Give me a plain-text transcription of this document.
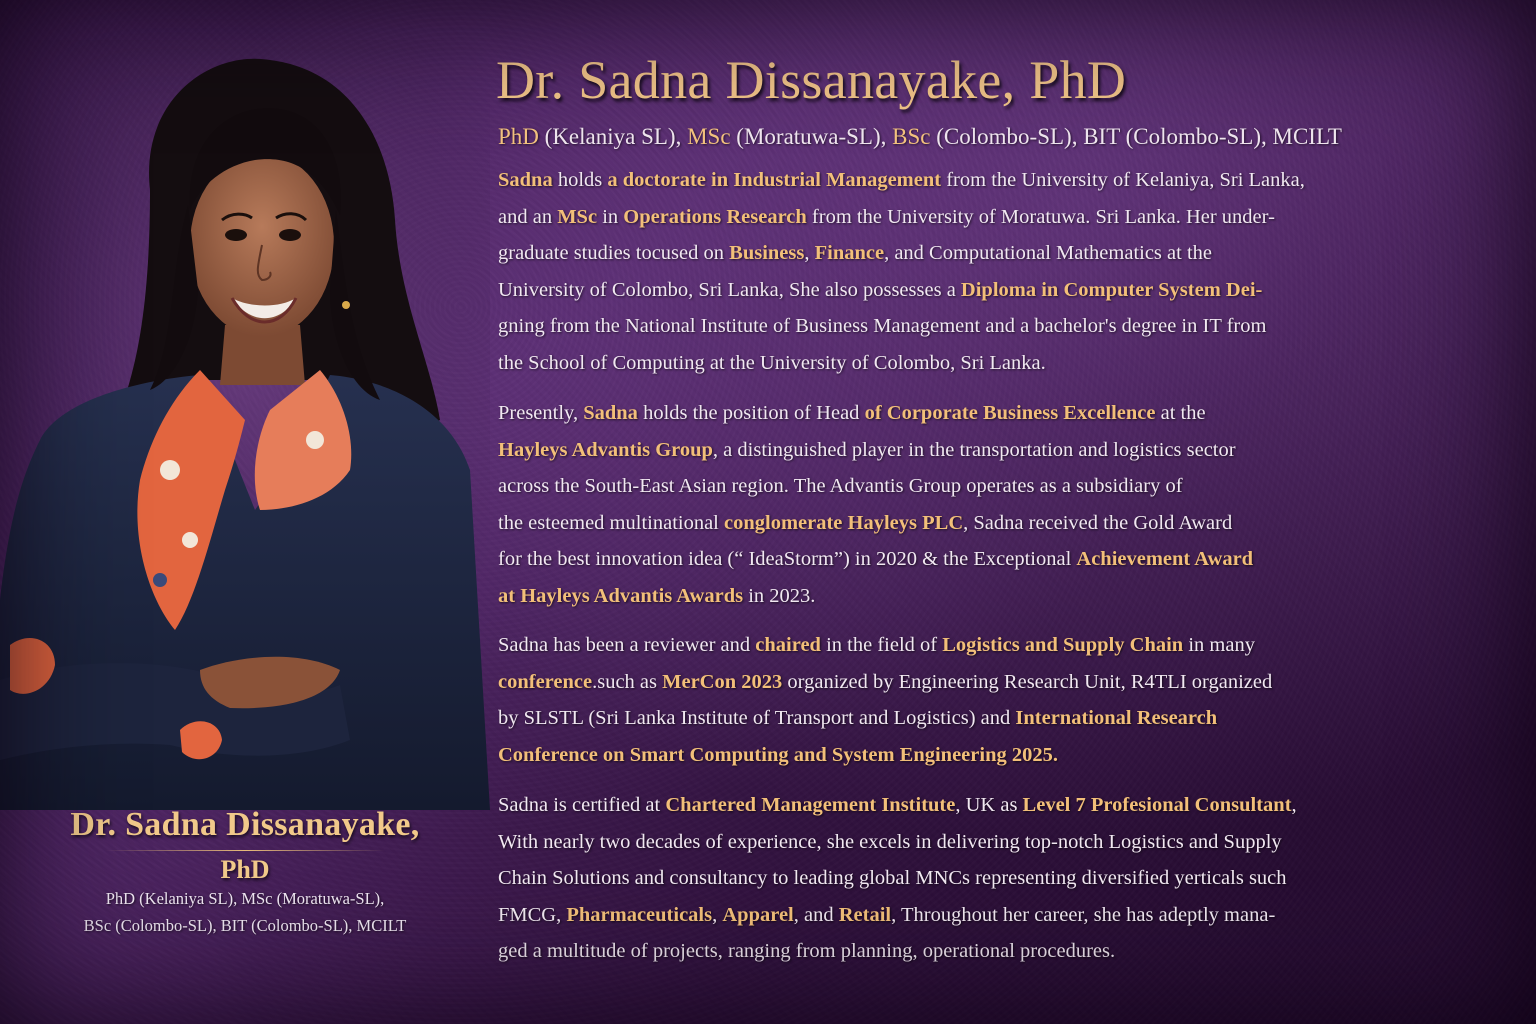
Dr. Sadna Dissanayake,

PhD

PhD (Kelaniya SL), MSc (Moratuwa-SL),

BSc (Colombo-SL), BIT (Colombo-SL), MCILT

Dr. Sadna Dissanayake, PhD
PhD (Kelaniya SL), MSc (Moratuwa-SL), BSc (Colombo-SL), BIT (Colombo-SL), MCILT

Sadna holds a doctorate in Industrial Management from the University of Kelaniya, Sri Lanka,
and an MSc in Operations Research from the University of Moratuwa. Sri Lanka. Her under-
graduate studies tocused on Business, Finance, and Computational Mathematics at the
University of Colombo, Sri Lanka, She also possesses a Diploma in Computer System Dei-
gning from the National Institute of Business Management and a bachelor's degree in IT from
the School of Computing at the University of Colombo, Sri Lanka.

Presently, Sadna holds the position of Head of Corporate Business Excellence at the
Hayleys Advantis Group, a distinguished player in the transportation and logistics sector
across the South-East Asian region. The Advantis Group operates as a subsidiary of
the esteemed multinational conglomerate Hayleys PLC, Sadna received the Gold Award
for the best innovation idea (“ IdeaStorm”) in 2020 & the Exceptional Achievement Award
at Hayleys Advantis Awards in 2023.

Sadna has been a reviewer and chaired in the field of Logistics and Supply Chain in many
conference.such as MerCon 2023 organized by Engineering Research Unit, R4TLI organized
by SLSTL (Sri Lanka Institute of Transport and Logistics) and International Research
Conference on Smart Computing and System Engineering 2025.

Sadna is certified at Chartered Management Institute, UK as Level 7 Profesional Consultant,
With nearly two decades of experience, she excels in delivering top-notch Logistics and Supply
Chain Solutions and consultancy to leading global MNCs representing diversified yerticals such
FMCG, Pharmaceuticals, Apparel, and Retail, Throughout her career, she has adeptly mana-
ged a multitude of projects, ranging from planning, operational procedures.
